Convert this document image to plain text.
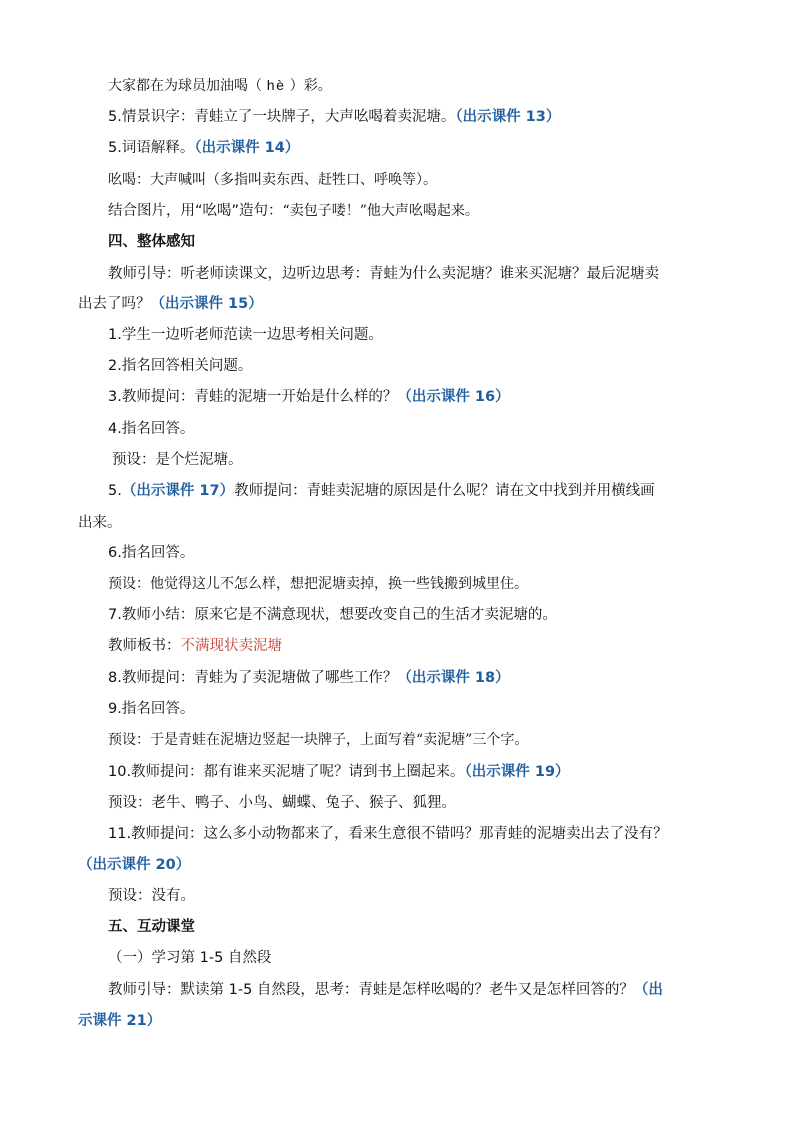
大家都在为球员加油喝（ hè ）彩。
5.情景识字：青蛙立了一块牌子，大声吆喝着卖泥塘。（出示课件 13）
5.词语解释。（出示课件 14）
吆喝：大声喊叫（多指叫卖东西、赶牲口、呼唤等）。
结合图片，用“吆喝”造句：“卖包子喽！”他大声吆喝起来。
四、整体感知
教师引导：听老师读课文，边听边思考：青蛙为什么卖泥塘？谁来买泥塘？最后泥塘卖
出去了吗？（出示课件 15）
1.学生一边听老师范读一边思考相关问题。
2.指名回答相关问题。
3.教师提问：青蛙的泥塘一开始是什么样的？（出示课件 16）
4.指名回答。
预设：是个烂泥塘。
5.（出示课件 17）教师提问：青蛙卖泥塘的原因是什么呢？请在文中找到并用横线画
出来。
6.指名回答。
预设：他觉得这儿不怎么样，想把泥塘卖掉，换一些钱搬到城里住。
7.教师小结：原来它是不满意现状，想要改变自己的生活才卖泥塘的。
教师板书：不满现状卖泥塘
8.教师提问：青蛙为了卖泥塘做了哪些工作？（出示课件 18）
9.指名回答。
预设：于是青蛙在泥塘边竖起一块牌子，上面写着“卖泥塘”三个字。
10.教师提问：都有谁来买泥塘了呢？请到书上圈起来。（出示课件 19）
预设：老牛、鸭子、小鸟、蝴蝶、兔子、猴子、狐狸。
11.教师提问：这么多小动物都来了，看来生意很不错吗？那青蛙的泥塘卖出去了没有？
（出示课件 20）
预设：没有。
五、互动课堂
（一）学习第 1-5 自然段
教师引导：默读第 1-5 自然段，思考：青蛙是怎样吆喝的？老牛又是怎样回答的？（出
示课件 21）
